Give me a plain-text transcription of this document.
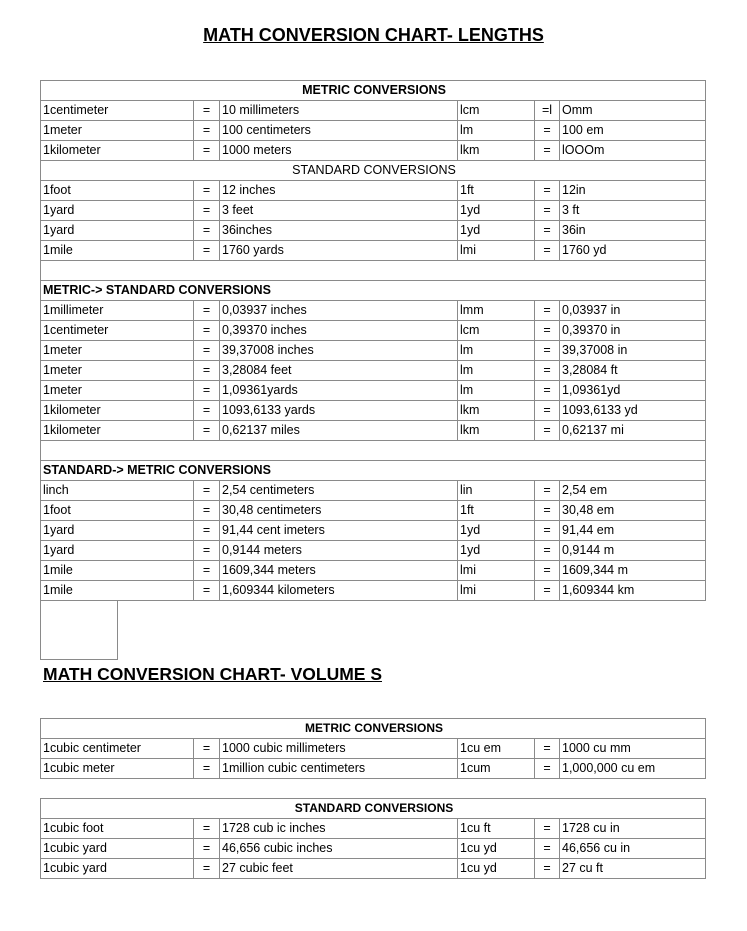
MATH CONVERSION CHART- LENGTHS
METRIC CONVERSIONS					
1centimeter	=	10 millimeters	lcm	=l	Omm
1meter	=	100 centimeters	lm	=	100 em
1kilometer	=	1000 meters	lkm	=	lOOOm
STANDARD CONVERSIONS					
1foot	=	12 inches	1ft	=	12in
1yard	=	3 feet	1yd	=	3 ft
1yard	=	36inches	1yd	=	36in
1mile	=	1760 yards	lmi	=	1760 yd

METRIC-> STANDARD CONVERSIONS					
1millimeter	=	0,03937 inches	lmm	=	0,03937 in
1centimeter	=	0,39370 inches	lcm	=	0,39370 in
1meter	=	39,37008 inches	lm	=	39,37008 in
1meter	=	3,28084 feet	lm	=	3,28084 ft
1meter	=	1,09361yards	lm	=	1,09361yd
1kilometer	=	1093,6133 yards	lkm	=	1093,6133 yd
1kilometer	=	0,62137 miles	lkm	=	0,62137 mi

STANDARD-> METRIC CONVERSIONS					
linch	=	2,54 centimeters	lin	=	2,54 em
1foot	=	30,48 centimeters	1ft	=	30,48 em
1yard	=	91,44 cent imeters	1yd	=	91,44 em
1yard	=	0,9144 meters	1yd	=	0,9144 m
1mile	=	1609,344 meters	lmi	=	1609,344 m
1mile	=	1,609344 kilometers	lmi	=	1,609344 km
MATH CONVERSION CHART- VOLUME S
METRIC CONVERSIONS					
1cubic centimeter	=	1000 cubic millimeters	1cu em	=	1000 cu mm
1cubic meter	=	1million cubic centimeters	1cum	=	1,000,000 cu em
STANDARD CONVERSIONS					
1cubic foot	=	1728 cub ic inches	1cu ft	=	1728 cu in
1cubic yard	=	46,656 cubic inches	1cu yd	=	46,656 cu in
1cubic yard	=	27 cubic feet	1cu yd	=	27 cu ft
